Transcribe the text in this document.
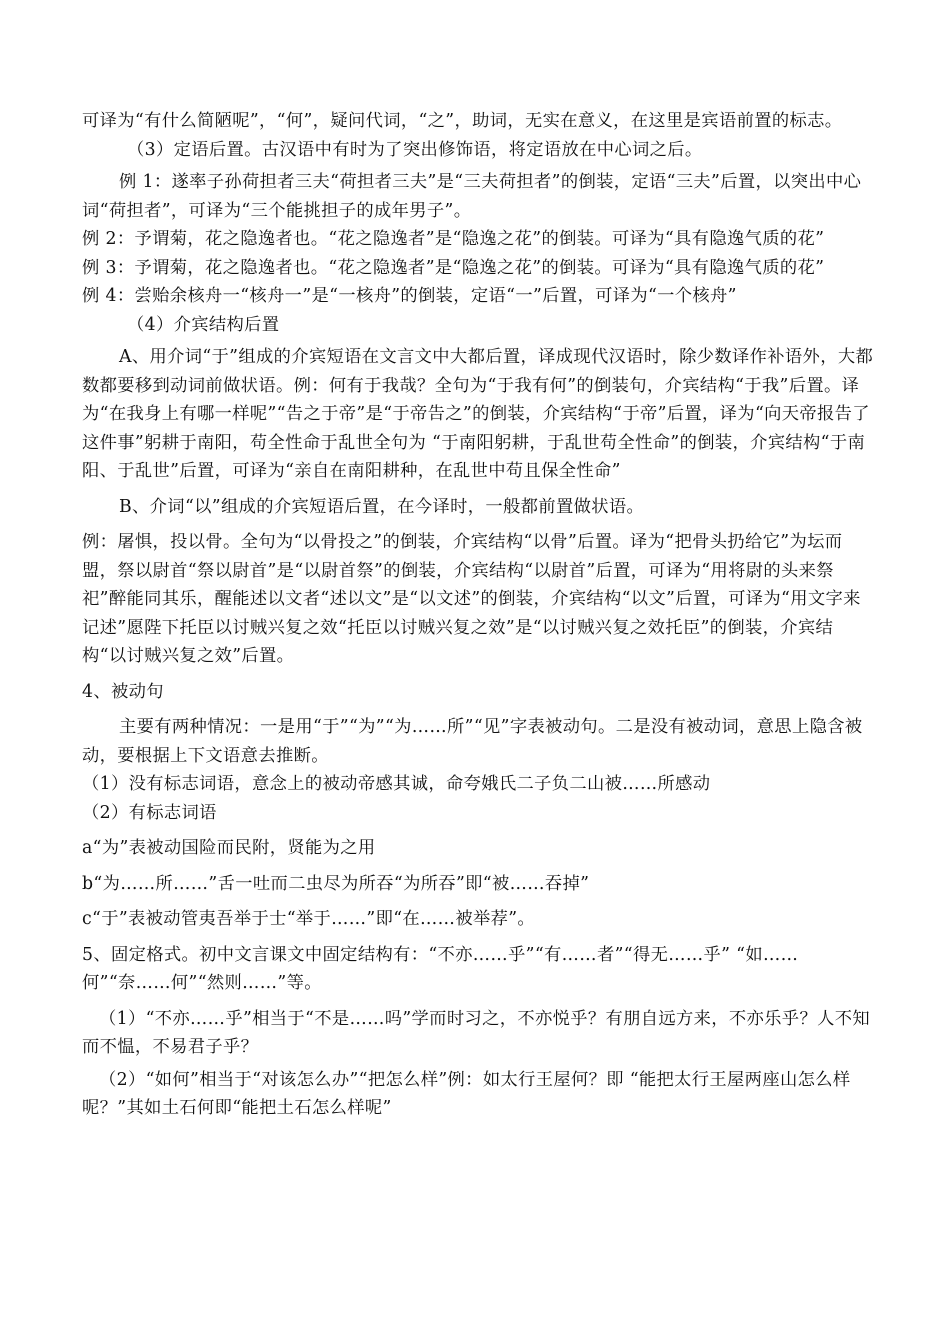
可译为“有什么简陋呢”，“何”，疑问代词，“之”，助词，无实在意义，在这里是宾语前置的标志。

（3）定语后置。古汉语中有时为了突出修饰语，将定语放在中心词之后。

例 1：遂率子孙荷担者三夫“荷担者三夫”是“三夫荷担者”的倒装，定语“三夫”后置，以突出中心词“荷担者”，可译为“三个能挑担子的成年男子”。

例 2：予谓菊，花之隐逸者也。“花之隐逸者”是“隐逸之花”的倒装。可译为“具有隐逸气质的花”

例 3：予谓菊，花之隐逸者也。“花之隐逸者”是“隐逸之花”的倒装。可译为“具有隐逸气质的花”

例 4：尝贻余核舟一“核舟一”是“一核舟”的倒装，定语“一”后置，可译为“一个核舟”

（4）介宾结构后置

A、用介词“于”组成的介宾短语在文言文中大都后置，译成现代汉语时，除少数译作补语外，大都数都要移到动词前做状语。例：何有于我哉？全句为“于我有何”的倒装句，介宾结构“于我”后置。译为“在我身上有哪一样呢”“告之于帝”是“于帝告之”的倒装，介宾结构“于帝”后置，译为“向天帝报告了这件事”躬耕于南阳，苟全性命于乱世全句为 “于南阳躬耕，于乱世苟全性命”的倒装，介宾结构“于南阳、于乱世”后置，可译为“亲自在南阳耕种，在乱世中苟且保全性命”

B、介词“以”组成的介宾短语后置，在今译时，一般都前置做状语。

例：屠惧，投以骨。全句为“以骨投之”的倒装，介宾结构“以骨”后置。译为“把骨头扔给它”为坛而盟，祭以尉首“祭以尉首”是“以尉首祭”的倒装，介宾结构“以尉首”后置，可译为“用将尉的头来祭祀”醉能同其乐，醒能述以文者“述以文”是“以文述”的倒装，介宾结构“以文”后置，可译为“用文字来记述”愿陛下托臣以讨贼兴复之效“托臣以讨贼兴复之效”是“以讨贼兴复之效托臣”的倒装，介宾结构“以讨贼兴复之效”后置。

4、被动句

主要有两种情况：一是用“于”“为”“为……所”“见”字表被动句。二是没有被动词，意思上隐含被动，要根据上下文语意去推断。

（1）没有标志词语，意念上的被动帝感其诚，命夸娥氏二子负二山被……所感动

（2）有标志词语

a“为”表被动国险而民附，贤能为之用

b“为……所……”舌一吐而二虫尽为所吞“为所吞”即“被……吞掉”

c“于”表被动管夷吾举于士“举于……”即“在……被举荐”。

5、固定格式。初中文言课文中固定结构有：“不亦……乎”“有……者”“得无……乎” “如……何”“奈……何”“然则……”等。

（1）“不亦……乎”相当于“不是……吗”学而时习之，不亦悦乎？有朋自远方来，不亦乐乎？人不知而不愠，不易君子乎？

（2）“如何”相当于“对该怎么办”“把怎么样”例：如太行王屋何？即 “能把太行王屋两座山怎么样呢？”其如土石何即“能把土石怎么样呢”
